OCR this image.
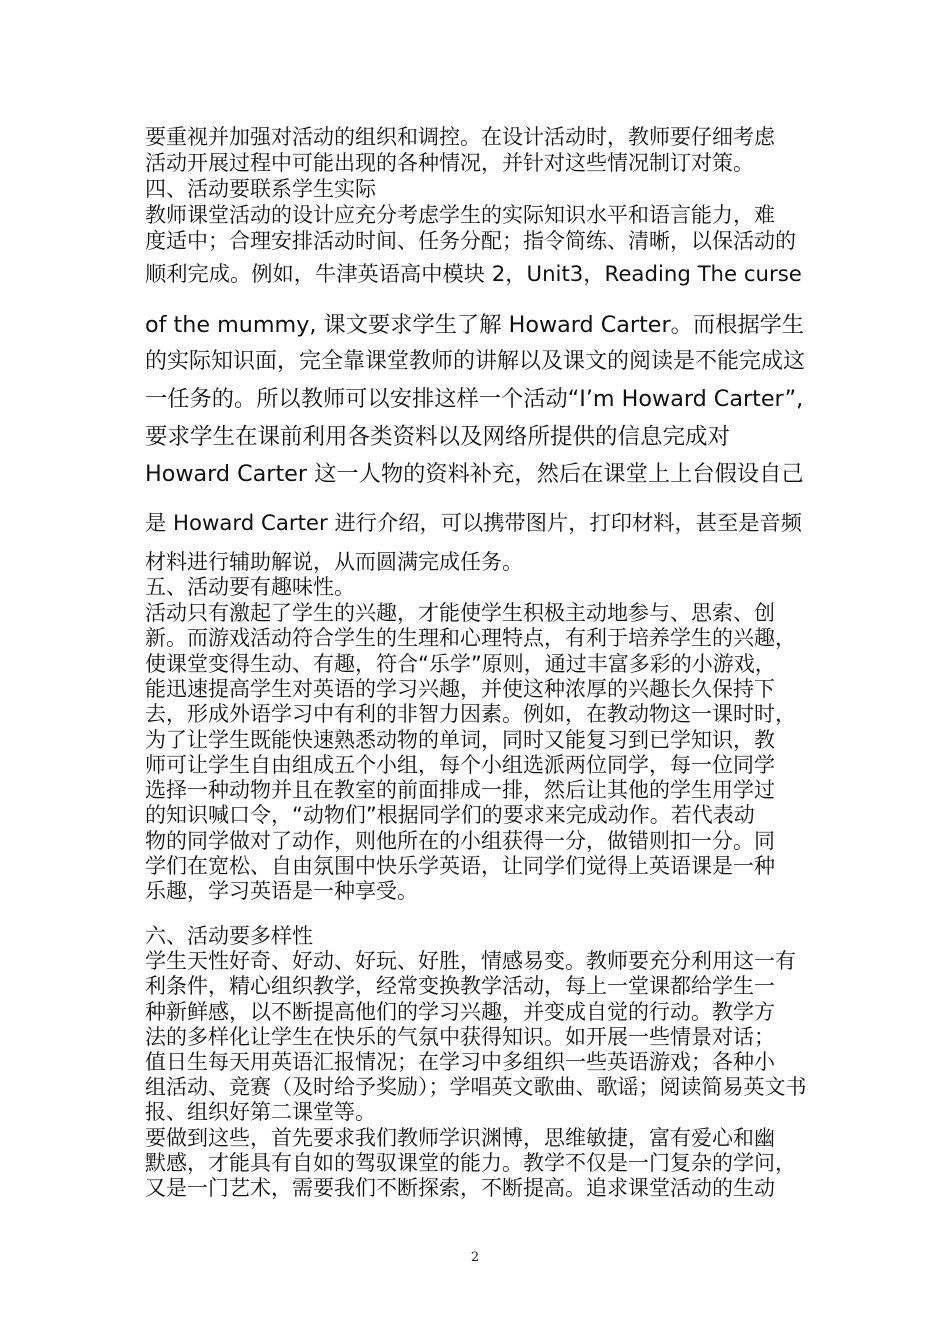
要重视并加强对活动的组织和调控。在设计活动时，教师要仔细考虑
活动开展过程中可能出现的各种情况，并针对这些情况制订对策。
四、活动要联系学生实际
教师课堂活动的设计应充分考虑学生的实际知识水平和语言能力，难
度适中；合理安排活动时间、任务分配；指令简练、清晰，以保活动的
顺利完成。例如，牛津英语高中模块 2，Unit3，Reading The curse
of the mummy, 课文要求学生了解 Howard Carter。而根据学生
的实际知识面，完全靠课堂教师的讲解以及课文的阅读是不能完成这
一任务的。所以教师可以安排这样一个活动“I’m Howard Carter”,
要求学生在课前利用各类资料以及网络所提供的信息完成对
Howard Carter 这一人物的资料补充，然后在课堂上上台假设自己
是 Howard Carter 进行介绍，可以携带图片，打印材料，甚至是音频
材料进行辅助解说，从而圆满完成任务。
五、活动要有趣味性。
活动只有激起了学生的兴趣，才能使学生积极主动地参与、思索、创
新。而游戏活动符合学生的生理和心理特点，有利于培养学生的兴趣，
使课堂变得生动、有趣，符合“乐学”原则，通过丰富多彩的小游戏，
能迅速提高学生对英语的学习兴趣，并使这种浓厚的兴趣长久保持下
去，形成外语学习中有利的非智力因素。例如，在教动物这一课时时，
为了让学生既能快速熟悉动物的单词，同时又能复习到已学知识，教
师可让学生自由组成五个小组，每个小组选派两位同学，每一位同学
选择一种动物并且在教室的前面排成一排，然后让其他的学生用学过
的知识喊口令，“动物们”根据同学们的要求来完成动作。若代表动
物的同学做对了动作，则他所在的小组获得一分，做错则扣一分。同
学们在宽松、自由氛围中快乐学英语，让同学们觉得上英语课是一种
乐趣，学习英语是一种享受。
六、活动要多样性
学生天性好奇、好动、好玩、好胜，情感易变。教师要充分利用这一有
利条件，精心组织教学，经常变换教学活动，每上一堂课都给学生一
种新鲜感，以不断提高他们的学习兴趣，并变成自觉的行动。教学方
法的多样化让学生在快乐的气氛中获得知识。如开展一些情景对话；
值日生每天用英语汇报情况；在学习中多组织一些英语游戏；各种小
组活动、竞赛（及时给予奖励）；学唱英文歌曲、歌谣；阅读简易英文书
报、组织好第二课堂等。
要做到这些，首先要求我们教师学识渊博，思维敏捷，富有爱心和幽
默感，才能具有自如的驾驭课堂的能力。教学不仅是一门复杂的学问，
又是一门艺术，需要我们不断探索，不断提高。追求课堂活动的生动
2
